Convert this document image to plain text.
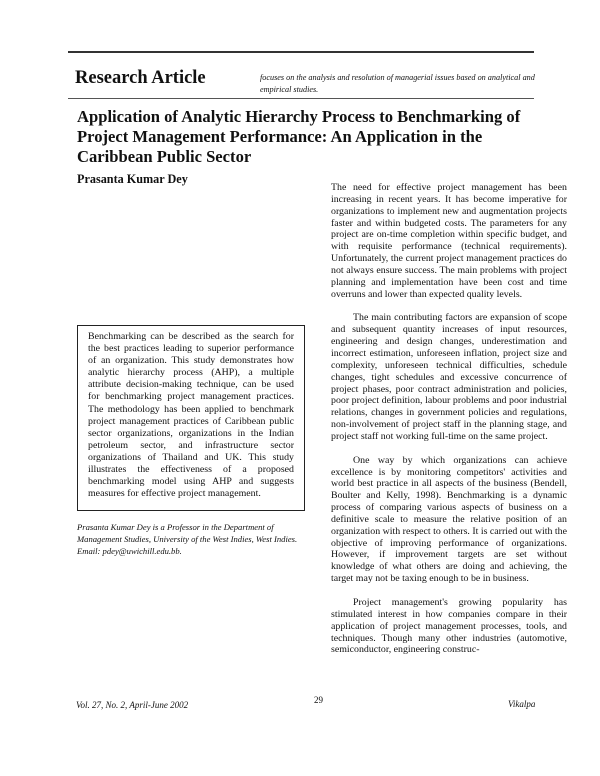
Research Article	focuses on the analysis and resolution of managerial issues based on analytical and empirical studies.
Application of Analytic Hierarchy Process to Benchmarking of Project Management Performance: An Application in the Caribbean Public Sector
Prasanta Kumar Dey

Benchmarking can be described as the search for the best practices leading to superior performance of an organization. This study demonstrates how analytic hierarchy process (AHP), a multiple attribute decision-making technique, can be used for benchmarking project management practices. The methodology has been applied to benchmark project management practices of Caribbean public sector organizations, organizations in the Indian petroleum sector, and infrastructure sector organizations of Thailand and UK. This study illustrates the effectiveness of a proposed benchmarking model using AHP and suggests measures for effective project management.

Prasanta Kumar Dey is a Professor in the Department of Management Studies, University of the West Indies, West Indies.

Email: pdey@uwichill.edu.bb.

The need for effective project management has been increasing in recent years. It has become imperative for organizations to implement new and augmentation projects faster and within budgeted costs. The parameters for any project are on-time completion within specific budget, and with requisite performance (technical requirements). Unfortunately, the current project management practices do not always ensure success. The main problems with project planning and implementation have been cost and time overruns and lower than expected quality levels.

The main contributing factors are expansion of scope and subsequent quantity increases of input resources, engineering and design changes, underestimation and incorrect estimation, unforeseen inflation, project size and complexity, unforeseen technical difficulties, schedule changes, tight schedules and excessive concurrence of project phases, poor contract administration and policies, poor project definition, labour problems and poor industrial relations, changes in government policies and regulations, non-involvement of project staff in the planning stage, and project staff not working full-time on the same project.

One way by which organizations can achieve excellence is by monitoring competitors' activities and world best practice in all aspects of the business (Bendell, Boulter and Kelly, 1998). Benchmarking is a dynamic process of comparing various aspects of business on a definitive scale to measure the relative position of an organization with respect to others. It is carried out with the objective of improving performance of organizations. However, if improvement targets are set without knowledge of what others are doing and achieving, the target may not be taxing enough to be in business.

Project management's growing popularity has stimulated interest in how companies compare in their application of project management processes, tools, and techniques. Though many other industries (automotive, semiconductor, engineering construc-

Vol. 27, No. 2, April-June 2002	29	Vikalpa
